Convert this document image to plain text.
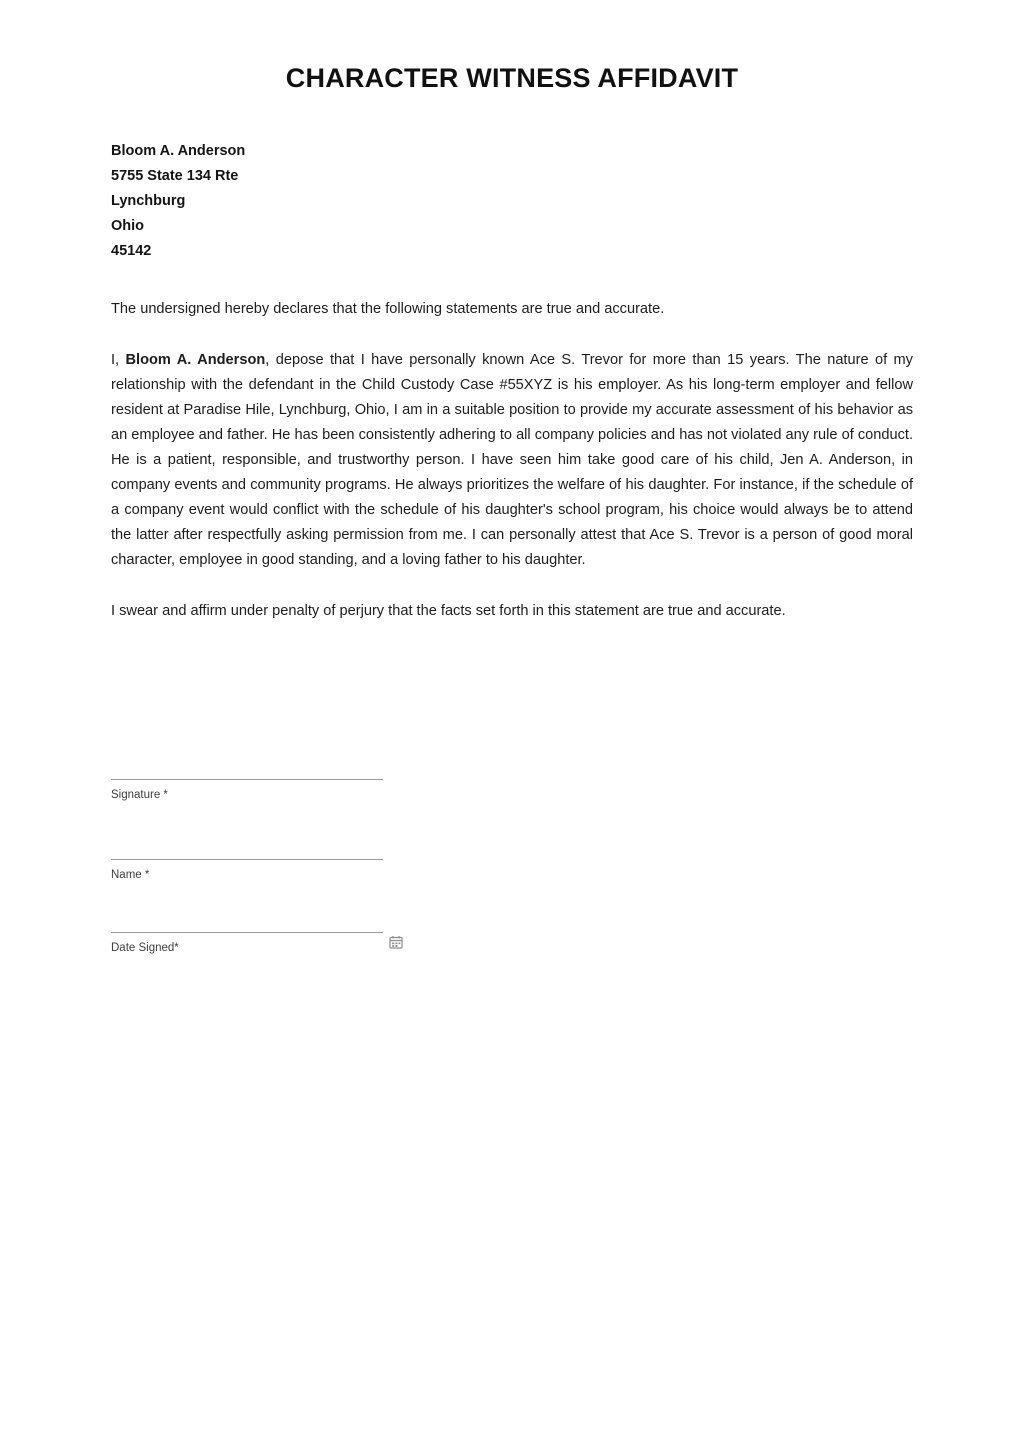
CHARACTER WITNESS AFFIDAVIT
Bloom A. Anderson
5755 State 134 Rte
Lynchburg
Ohio
45142

The undersigned hereby declares that the following statements are true and accurate.

I, Bloom A. Anderson, depose that I have personally known Ace S. Trevor for more than 15 years. The nature of my relationship with the defendant in the Child Custody Case #55XYZ is his employer. As his long-term employer and fellow resident at Paradise Hile, Lynchburg, Ohio, I am in a suitable position to provide my accurate assessment of his behavior as an employee and father. He has been consistently adhering to all company policies and has not violated any rule of conduct. He is a patient, responsible, and trustworthy person. I have seen him take good care of his child, Jen A. Anderson, in company events and community programs. He always prioritizes the welfare of his daughter. For instance, if the schedule of a company event would conflict with the schedule of his daughter's school program, his choice would always be to attend the latter after respectfully asking permission from me. I can personally attest that Ace S. Trevor is a person of good moral character, employee in good standing, and a loving father to his daughter.

I swear and affirm under penalty of perjury that the facts set forth in this statement are true and accurate.

Signature *
Name *
Date Signed*
